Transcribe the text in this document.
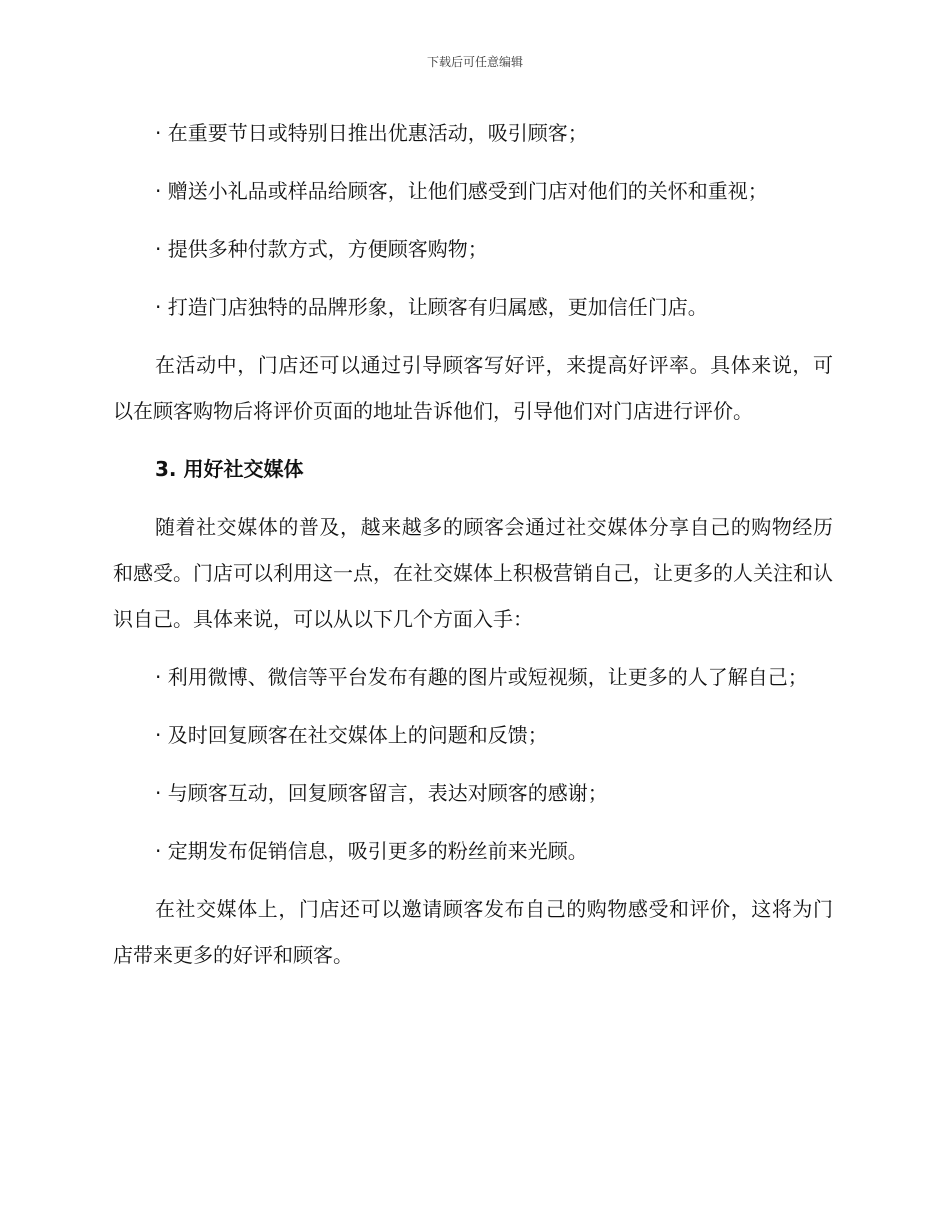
下载后可任意编辑

· 在重要节日或特别日推出优惠活动，吸引顾客；

· 赠送小礼品或样品给顾客，让他们感受到门店对他们的关怀和重视；

· 提供多种付款方式，方便顾客购物；

· 打造门店独特的品牌形象，让顾客有归属感，更加信任门店。

在活动中，门店还可以通过引导顾客写好评，来提高好评率。具体来说，可以在顾客购物后将评价页面的地址告诉他们，引导他们对门店进行评价。

3. 用好社交媒体

随着社交媒体的普及，越来越多的顾客会通过社交媒体分享自己的购物经历和感受。门店可以利用这一点，在社交媒体上积极营销自己，让更多的人关注和认识自己。具体来说，可以从以下几个方面入手：

· 利用微博、微信等平台发布有趣的图片或短视频，让更多的人了解自己；

· 及时回复顾客在社交媒体上的问题和反馈；

· 与顾客互动，回复顾客留言，表达对顾客的感谢；

· 定期发布促销信息，吸引更多的粉丝前来光顾。

在社交媒体上，门店还可以邀请顾客发布自己的购物感受和评价，这将为门店带来更多的好评和顾客。
